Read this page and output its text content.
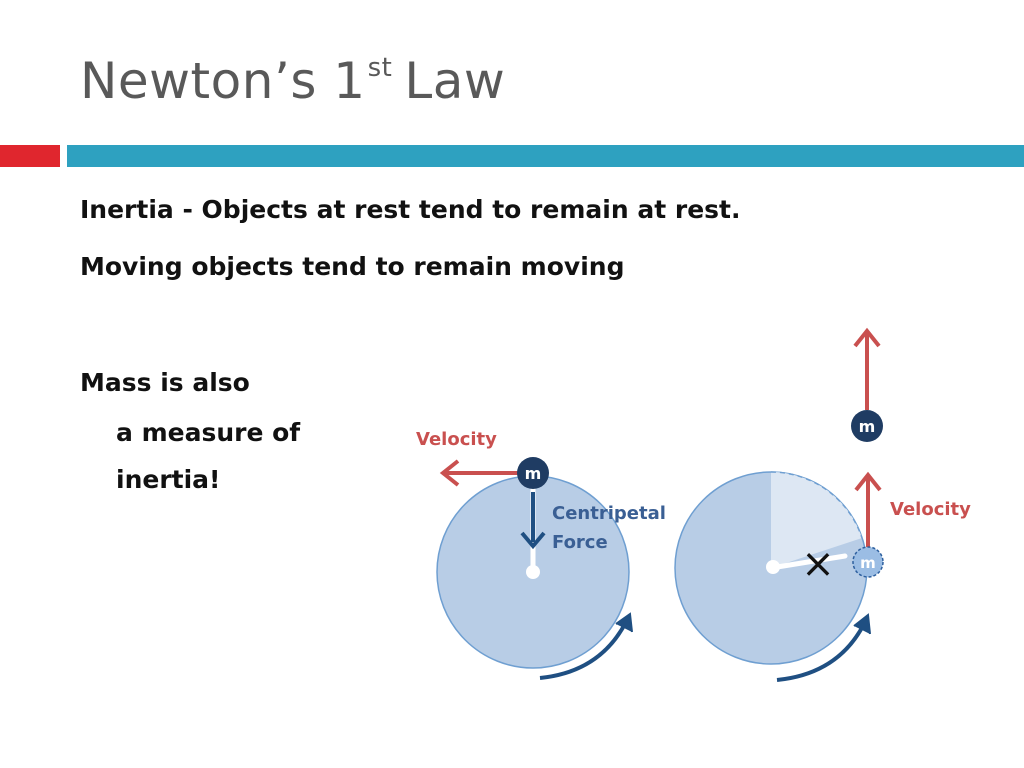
Newton’s 1st Law

Inertia - Objects at rest tend to remain at rest.

Moving objects tend to remain moving

Mass is also

a measure of

inertia!	m
Velocity
Centripetal
Force	× m
Velocity
m
